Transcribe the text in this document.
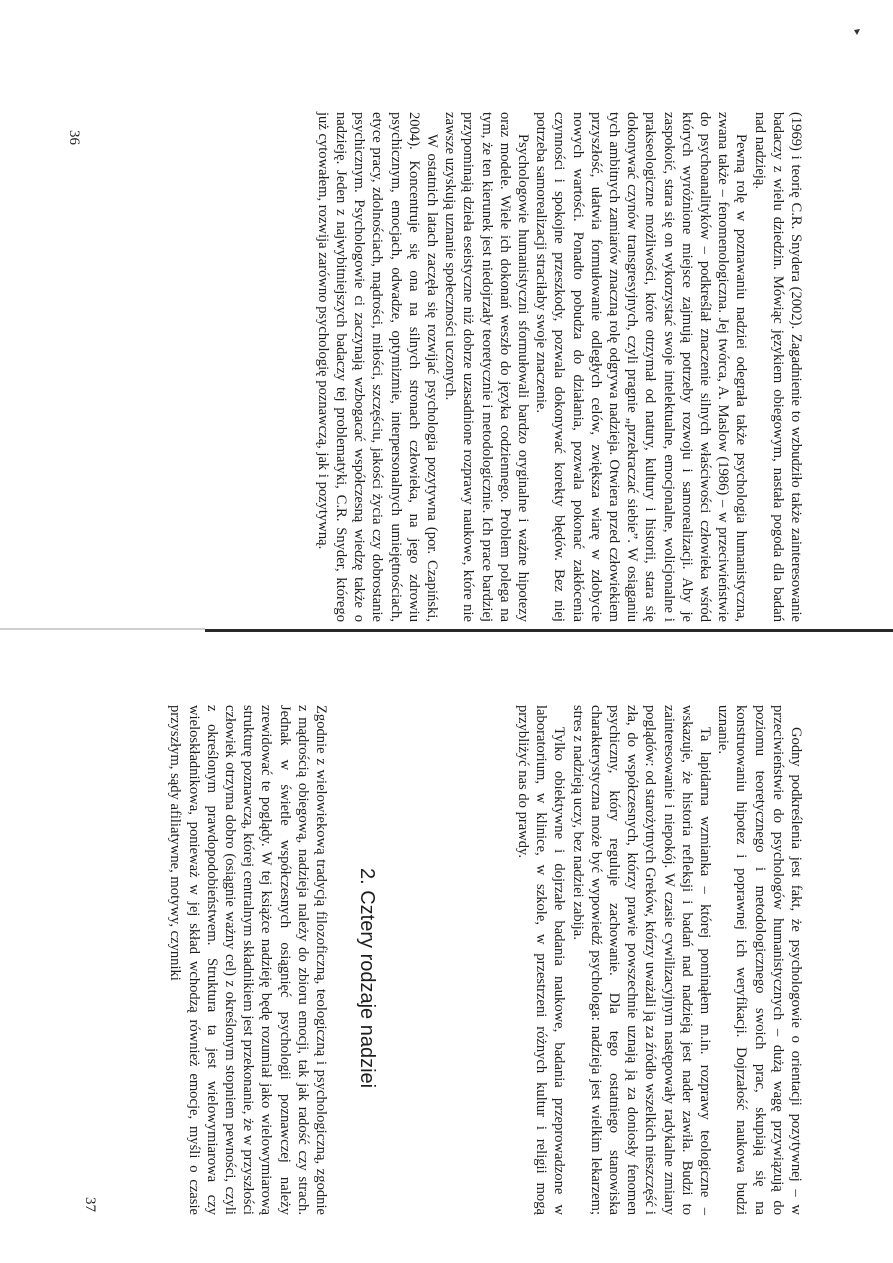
(1969) i teorię C.R. Snydera (2002). Zagadnienie to wzbudziło także zainteresowanie badaczy z wielu dziedzin. Mówiąc językiem obiegowym, nastała pogoda dla badań nad nadzieją.

Pewną rolę w poznawaniu nadziei odegrała także psychologia humanistyczna, zwana także – fenomenologiczna. Jej twórca, A. Maslow (1986) – w przeciwieństwie do psychoanalityków – podkreślał znaczenie silnych właściwości człowieka wśród których wyróżnione miejsce zajmują potrzeby rozwoju i samorealizacji. Aby je zaspokoić, stara się on wykorzystać swoje intelektualne, emocjonalne, wolicjonalne i prakseologiczne możliwości, które otrzymał od natury, kultury i historii, stara się dokonywać czynów transgresyjnych, czyli pragnie „przekraczać siebie”. W osiąganiu tych ambitnych zamiarów znaczną rolę odgrywa nadzieja. Otwiera przed człowiekiem przyszłość, ułatwia formułowanie odległych celów, zwiększa wiarę w zdobycie nowych wartości. Ponadto pobudza do działania, pozwala pokonać zakłócenia czynności i spokojne przeszkody, pozwala dokonywać korekty błędów. Bez niej potrzeba samorealizacji straciłaby swoje znaczenie.

Psychologowie humanistyczni sformułowali bardzo oryginalne i ważne hipotezy oraz modele. Wiele ich dokonań weszło do języka codziennego. Problem polega na tym, że ten kierunek jest niedojrzały teoretycznie i metodologicznie. Ich prace bardziej przypominają dzieła eseistyczne niż dobrze uzasadnione rozprawy naukowe, które nie zawsze uzyskują uznanie społeczności uczonych.

W ostatnich latach zaczęła się rozwijać psychologia pozytywna (por. Czapiński, 2004). Koncentruje się ona na silnych stronach człowieka, na jego zdrowiu psychicznym, emocjach, odwadze, optymizmie, interpersonalnych umiejętnościach, etyce pracy, zdolnościach, mądrości, miłości, szczęściu, jakości życia czy dobrostanie psychicznym. Psychologowie ci zaczynają wzbogacać współczesną wiedzę także o nadzieję. Jeden z najwybitniejszych badaczy tej problematyki, C.R. Snyder, którego już cytowałem, rozwija zarówno psychologię poznawczą, jak i pozytywną.

36

Godny podkreślenia jest fakt, że psychologowie o orientacji pozytywnej – w przeciwieństwie do psychologów humanistycznych – dużą wagę przywiązują do poziomu teoretycznego i metodologicznego swoich prac, skupiają się na konstruowaniu hipotez i poprawnej ich weryfikacji. Dojrzałość naukowa budzi uznanie.

Ta lapidarna wzmianka – której pominąłem m.in. rozprawy teologiczne – wskazuje, że historia refleksji i badań nad nadzieją jest nader zawiła. Budzi to zainteresowanie i niepokój. W czasie cywilizacyjnym następowały radykalne zmiany poglądów: od starożytnych Greków, którzy uważali ją za źródło wszelkich nieszczęść i zła, do współczesnych, którzy prawie powszechnie uznają ją za doniosły fenomen psychiczny, który reguluje zachowanie. Dla tego ostatniego stanowiska charakterystyczna może być wypowiedź psychologa: nadzieja jest wielkim lekarzem; stres z nadzieją uczy, bez nadziei zabija.

Tylko obiektywne i dojrzałe badania naukowe, badania przeprowadzone w laboratorium, w klinice, w szkole, w przestrzeni różnych kultur i religii mogą przybliżyć nas do prawdy.

2. Cztery rodzaje nadziei

Zgodnie z wielowiekową tradycją filozoficzną, teologiczną i psychologiczną, zgodnie z mądrością obiegową, nadzieja należy do zbioru emocji, tak jak radość czy strach. Jednak w świetle współczesnych osiągnięć psychologii poznawczej należy zrewidować te poglądy. W tej książce nadzieję będę rozumiał jako wielowymiarową strukturę poznawczą, której centralnym składnikiem jest przekonanie, że w przyszłości człowiek otrzyma dobro (osiągnie ważny cel) z określonym stopniem pewności, czyli z określonym prawdopodobieństwem. Struktura ta jest wielowymiarowa czy wieloskładnikowa, ponieważ w jej skład wchodzą również emocje, myśli o czasie przyszłym, sądy afiliatywne, motywy, czynniki

37
